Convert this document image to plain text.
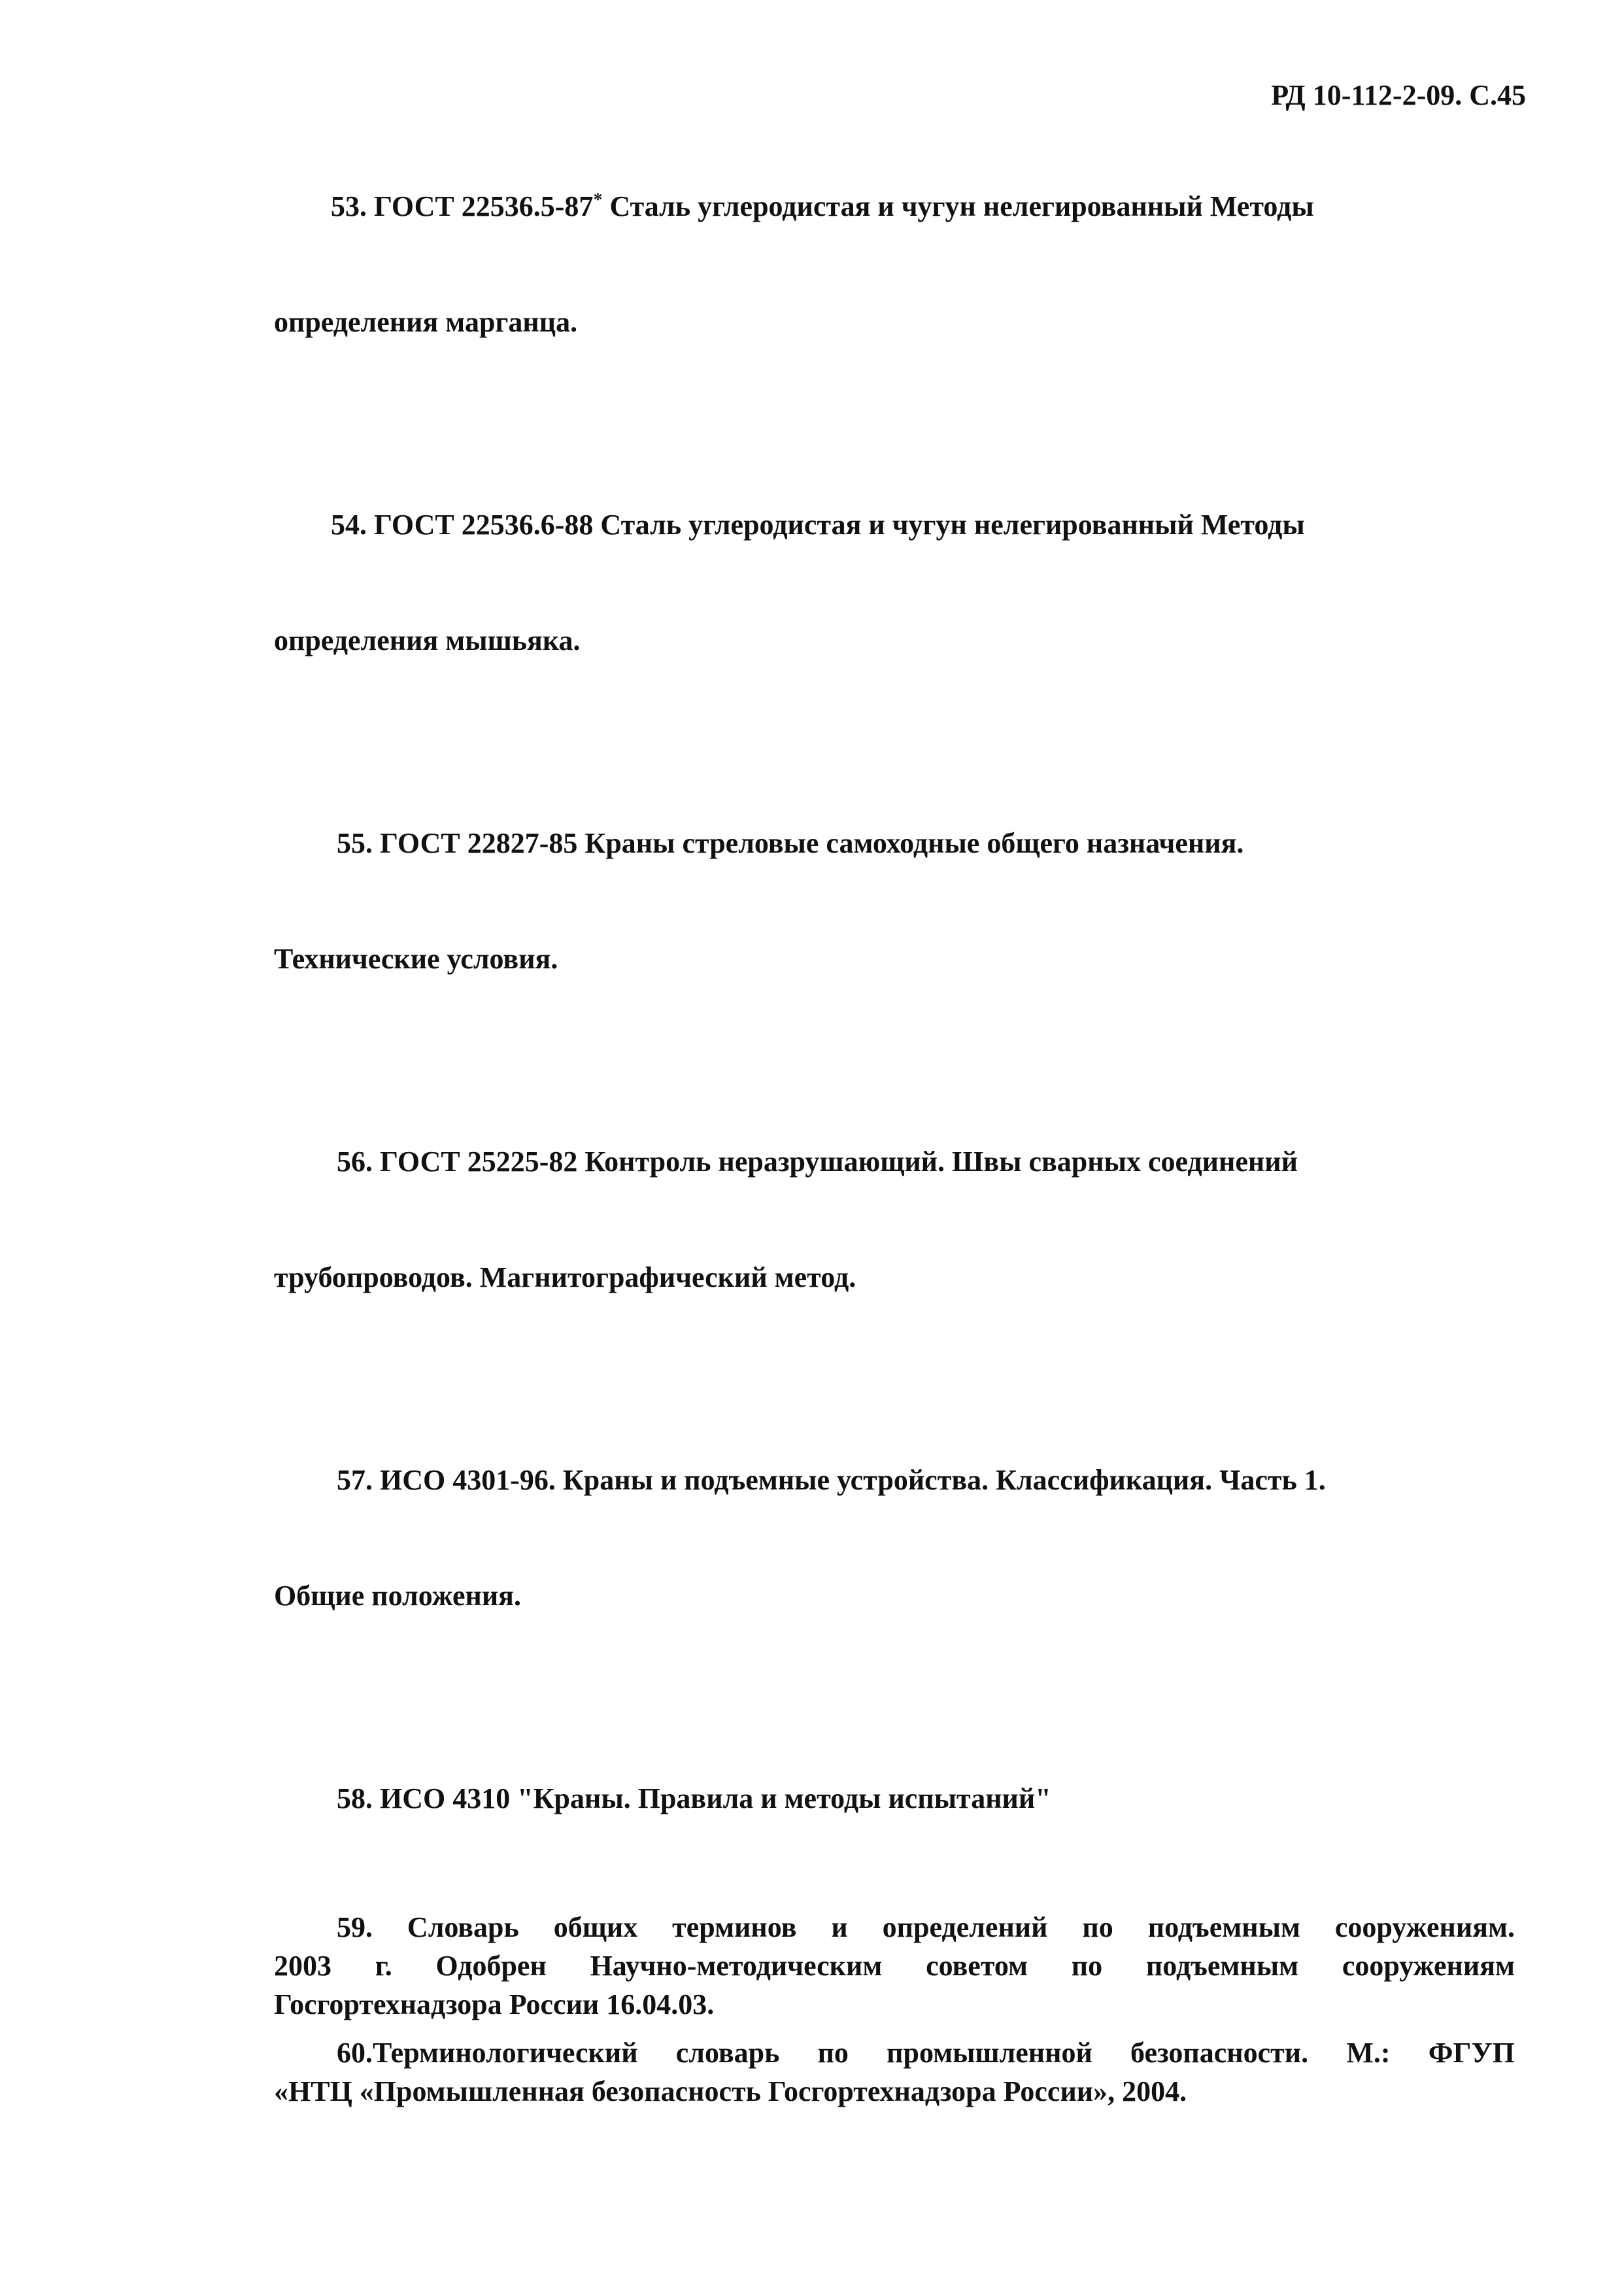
РД 10-112-2-09. С.45

53. ГОСТ 22536.5-87* Сталь углеродистая и чугун нелегированный Методы

определения марганца.

54. ГОСТ 22536.6-88 Сталь углеродистая и чугун нелегированный Методы

определения мышьяка.

55. ГОСТ 22827-85 Краны стреловые самоходные общего назначения.

Технические условия.

56. ГОСТ 25225-82 Контроль неразрушающий. Швы сварных соединений

трубопроводов. Магнитографический метод.

57. ИСО 4301-96. Краны и подъемные устройства. Классификация. Часть 1.

Общие положения.

58. ИСО 4310 "Краны. Правила и методы испытаний"

59. Словарь общих терминов и определений по подъемным сооружениям.
2003 г. Одобрен Научно-методическим советом по подъемным сооружениям
Госгортехнадзора России 16.04.03.
60.Терминологический словарь по промышленной безопасности. М.: ФГУП
«НТЦ «Промышленная безопасность Госгортехнадзора России», 2004.
